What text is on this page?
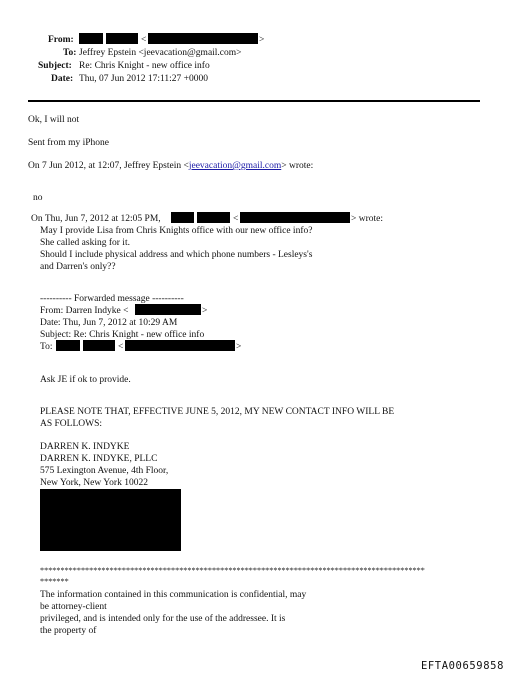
From:	<	>
To: Jeffrey Epstein <jeevacation@gmail.com>
Subject: Re: Chris Knight - new office info
Date: Thu, 07 Jun 2012 17:11:27 +0000
Ok, I will not
Sent from my iPhone
On 7 Jun 2012, at 12:07, Jeffrey Epstein <jeevacation@gmail.com> wrote:
no
On Thu, Jun 7, 2012 at 12:05 PM,	<	> wrote:
May I provide Lisa from Chris Knights office with our new office info?
She called asking for it.
Should I include physical address and which phone numbers - Lesleys's
and Darren's only??
---------- Forwarded message ----------
From: Darren Indyke <	>
Date: Thu, Jun 7, 2012 at 10:29 AM
Subject: Re: Chris Knight - new office info
To:	<	>
Ask JE if ok to provide.
PLEASE NOTE THAT, EFFECTIVE JUNE 5, 2012, MY NEW CONTACT INFO WILL BE
AS FOLLOWS:
DARREN K. INDYKE
DARREN K. INDYKE, PLLC
575 Lexington Avenue, 4th Floor,
New York, New York 10022
**********************************************************************************************
*******
The information contained in this communication is confidential, may
be attorney-client
privileged, and is intended only for the use of the addressee. It is
the property of
EFTA00659858
